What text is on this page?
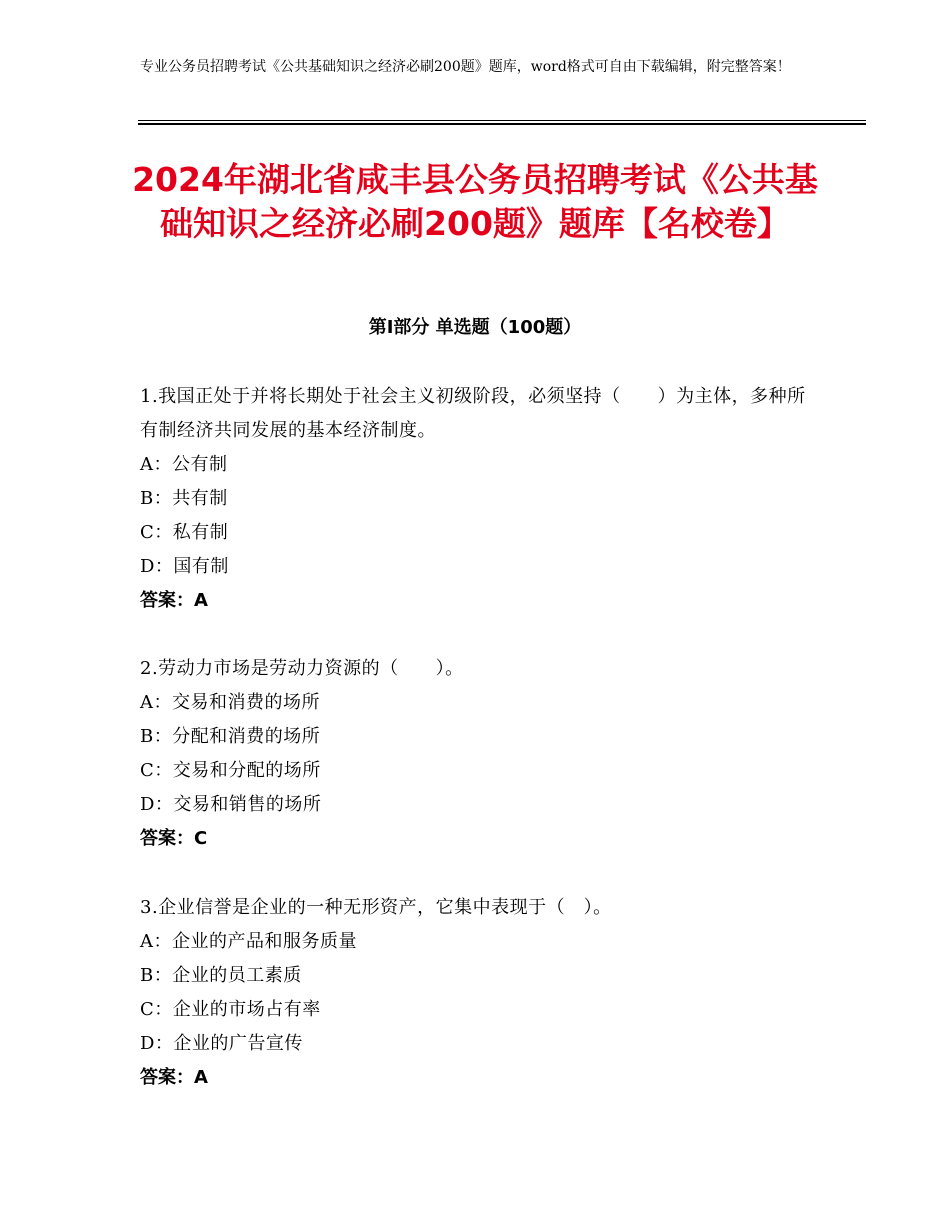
专业公务员招聘考试《公共基础知识之经济必刷200题》题库，word格式可自由下载编辑，附完整答案！
2024年湖北省咸丰县公务员招聘考试《公共基础知识之经济必刷200题》题库【名校卷】
第Ⅰ部分 单选题（100题）
1.我国正处于并将长期处于社会主义初级阶段，必须坚持（　　）为主体，多种所有制经济共同发展的基本经济制度。
A：公有制
B：共有制
C：私有制
D：国有制
答案：A
2.劳动力市场是劳动力资源的（　　）。
A：交易和消费的场所
B：分配和消费的场所
C：交易和分配的场所
D：交易和销售的场所
答案：C
3.企业信誉是企业的一种无形资产，它集中表现于（　）。
A：企业的产品和服务质量
B：企业的员工素质
C：企业的市场占有率
D：企业的广告宣传
答案：A
